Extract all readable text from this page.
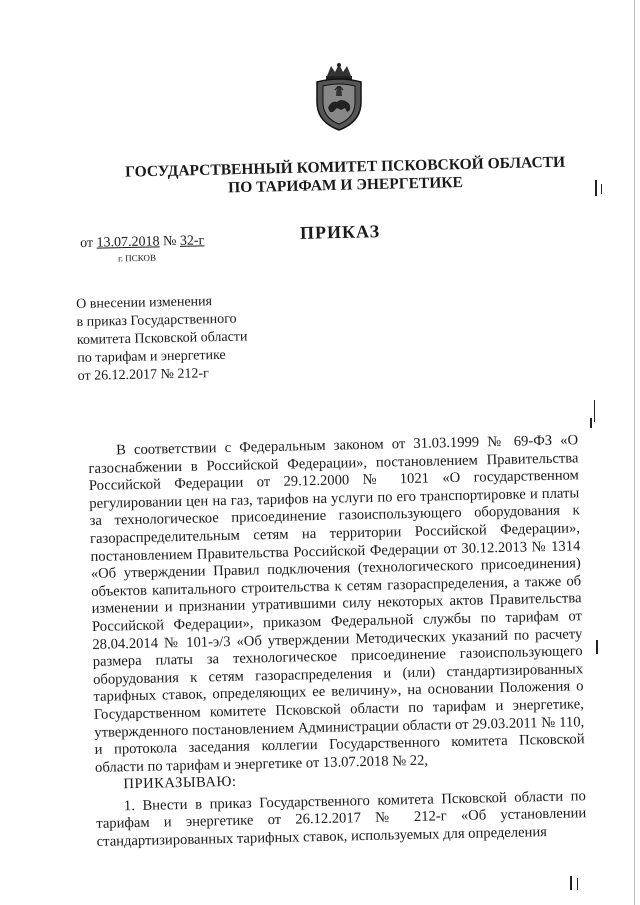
ГОСУДАРСТВЕННЫЙ КОМИТЕТ ПСКОВСКОЙ ОБЛАСТИ
ПО ТАРИФАМ И ЭНЕРГЕТИКЕ
ПРИКАЗ
от 13.07.2018 № 32-г
г. ПСКОВ
О внесении изменения
в приказ Государственного
комитета Псковской области
по тарифам и энергетике
от 26.12.2017 № 212-г

В соответствии с Федеральным законом от 31.03.1999 № 69-ФЗ «О газоснабжении в Российской Федерации», постановлением Правительства Российской Федерации от 29.12.2000 № 1021 «О государственном регулировании цен на газ, тарифов на услуги по его транспортировке и платы за технологическое присоединение газоиспользующего оборудования к газораспределительным сетям на территории Российской Федерации», постановлением Правительства Российской Федерации от 30.12.2013 № 1314 «Об утверждении Правил подключения (технологического присоединения) объектов капитального строительства к сетям газораспределения, а также об изменении и признании утратившими силу некоторых актов Правительства Российской Федерации», приказом Федеральной службы по тарифам от 28.04.2014 № 101-э/3 «Об утверждении Методических указаний по расчету размера платы за технологическое присоединение газоиспользующего оборудования к сетям газораспределения и (или) стандартизированных тарифных ставок, определяющих ее величину», на основании Положения о Государственном комитете Псковской области по тарифам и энергетике, утвержденного постановлением Администрации области от 29.03.2011 № 110, и протокола заседания коллегии Государственного комитета Псковской области по тарифам и энергетике от 13.07.2018 № 22,

ПРИКАЗЫВАЮ:

1. Внести в приказ Государственного комитета Псковской области по тарифам и энергетике от 26.12.2017 № 212-г «Об установлении стандартизированных тарифных ставок, используемых для определения
